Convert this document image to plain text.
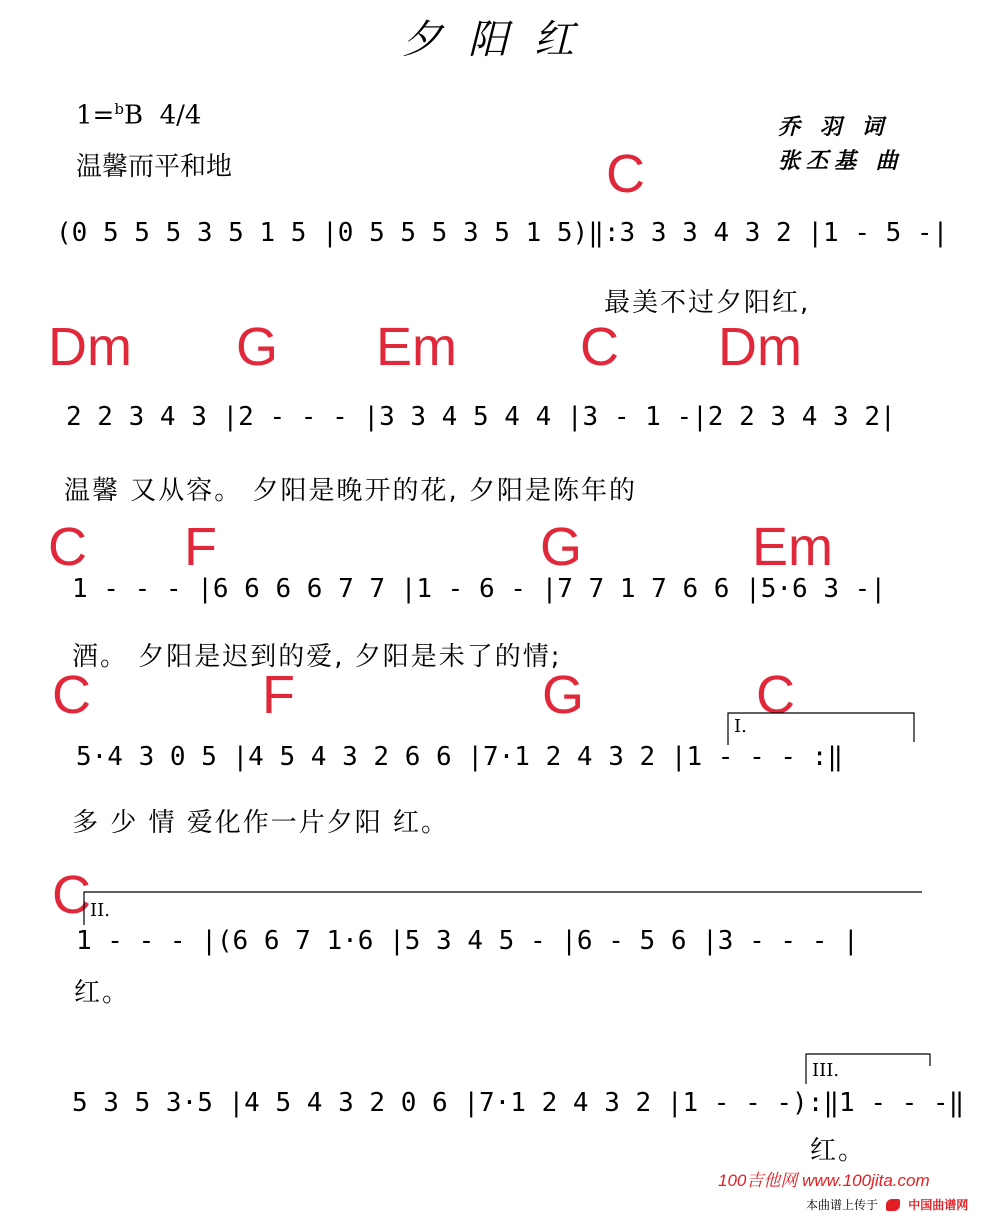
夕阳红
1=$^b$B 4/4	乔 羽 词
张丕基 曲
温馨而平和地	C
(0 5 5 5 3 5 1 5 |0 5 5 5 3 5 1 5)‖:3 3 3 4 3 2 |1 - 5 -|
最美不过夕阳红,
Dm G Em C Dm
2 2 3 4 3 |2 - - - |3 3 4 5 4 4 |3 - 1 -|2 2 3 4 3 2|
温馨 又从容。 夕阳是晚开的花, 夕阳是陈年的
C F	G	Em
1 - - - |6 6 6 6 7 7 |1 - 6 - |7 7 1 7 6 6 |5·6 3 -|
酒。 夕阳是迟到的爱, 夕阳是未了的情;
C	F	G	C
5·4 3 0 5 |4 5 4 3 2 6 6 |7·1 2 4 3 2 |1 - - - :‖
多 少 情 爱化作一片夕阳 红。
I.
C II.
1 - - - |(6 6 7 1·6 |5 3 4 5 - |6 - 5 6 |3 - - - |
红。
III.
5 3 5 3·5 |4 5 4 3 2 0 6 |7·1 2 4 3 2 |1 - - -):‖1 - - -‖
红。
100吉他网 www.100jita.com
本曲谱上传于	中国曲谱网
